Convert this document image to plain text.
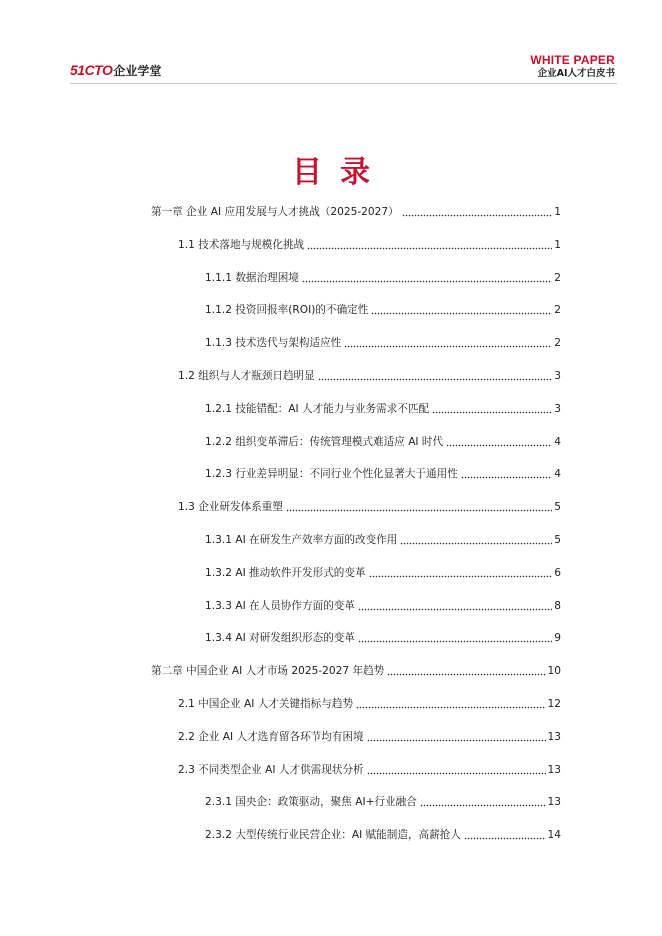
51CTO 企业学堂
WHITE PAPER
企业AI人才白皮书
目录
第一章 企业 AI 应用发展与人才挑战（2025-2027）	1
1.1 技术落地与规模化挑战	1
1.1.1 数据治理困境	2
1.1.2 投资回报率(ROI)的不确定性	2
1.1.3 技术迭代与架构适应性	2
1.2 组织与人才瓶颈日趋明显	3
1.2.1 技能错配：AI 人才能力与业务需求不匹配	3
1.2.2 组织变革滞后：传统管理模式难适应 AI 时代	4
1.2.3 行业差异明显：不同行业个性化显著大于通用性	4
1.3 企业研发体系重塑	5
1.3.1 AI 在研发生产效率方面的改变作用	5
1.3.2 AI 推动软件开发形式的变革	6
1.3.3 AI 在人员协作方面的变革	8
1.3.4 AI 对研发组织形态的变革	9
第二章 中国企业 AI 人才市场 2025-2027 年趋势	10
2.1 中国企业 AI 人才关键指标与趋势	12
2.2 企业 AI 人才选育留各环节均有困境	13
2.3 不同类型企业 AI 人才供需现状分析	13
2.3.1 国央企：政策驱动，聚焦 AI+行业融合	13
2.3.2 大型传统行业民营企业：AI 赋能制造，高薪抢人	14
